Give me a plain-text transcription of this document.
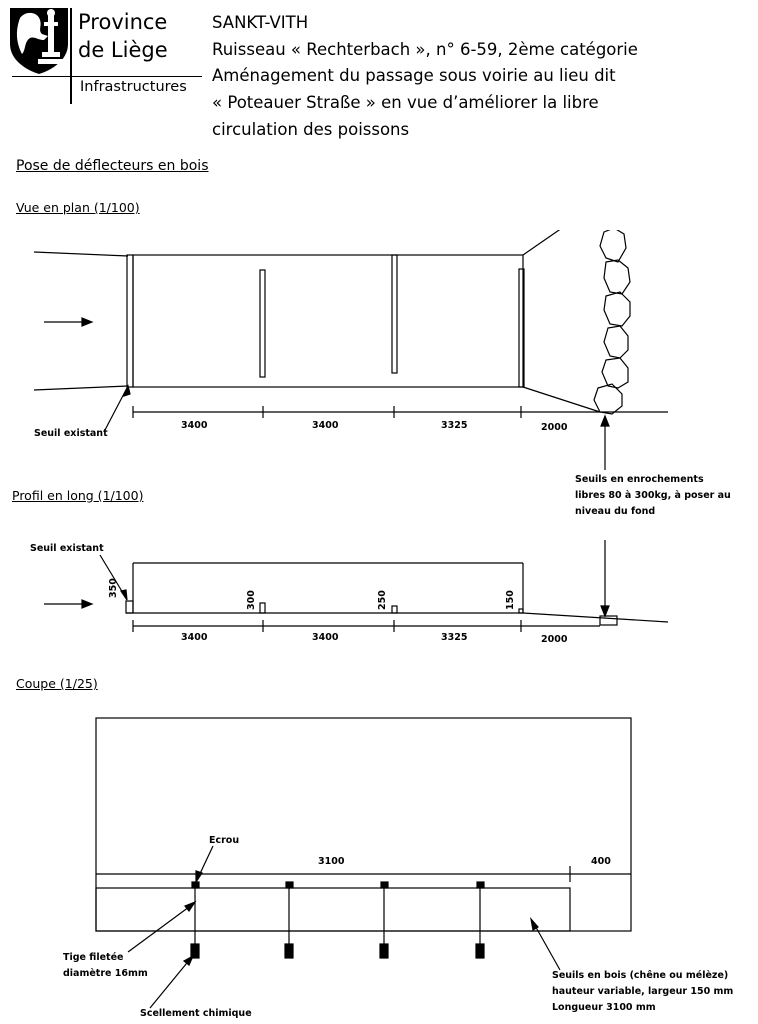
Province
de Liège
Infrastructures
SANKT-VITH
Ruisseau « Rechterbach », n° 6-59, 2ème catégorie
Aménagement du passage sous voirie au lieu dit
« Poteauer Straße » en vue d’améliorer la libre
circulation des poissons
Pose de déflecteurs en bois
Vue en plan (1/100)
3400	3400	3325	2000
Seuil existant
Seuils en enrochements
libres 80 à 300kg, à poser au
niveau du fond
Profil en long (1/100)
Seuil existant
350
300	250	150
3400	3400	3325	2000
Coupe (1/25)
Ecrou
3100	400
Tige filetée
diamètre 16mm
Scellement chimique
Seuils en bois (chêne ou mélèze)
hauteur variable, largeur 150 mm
Longueur 3100 mm
